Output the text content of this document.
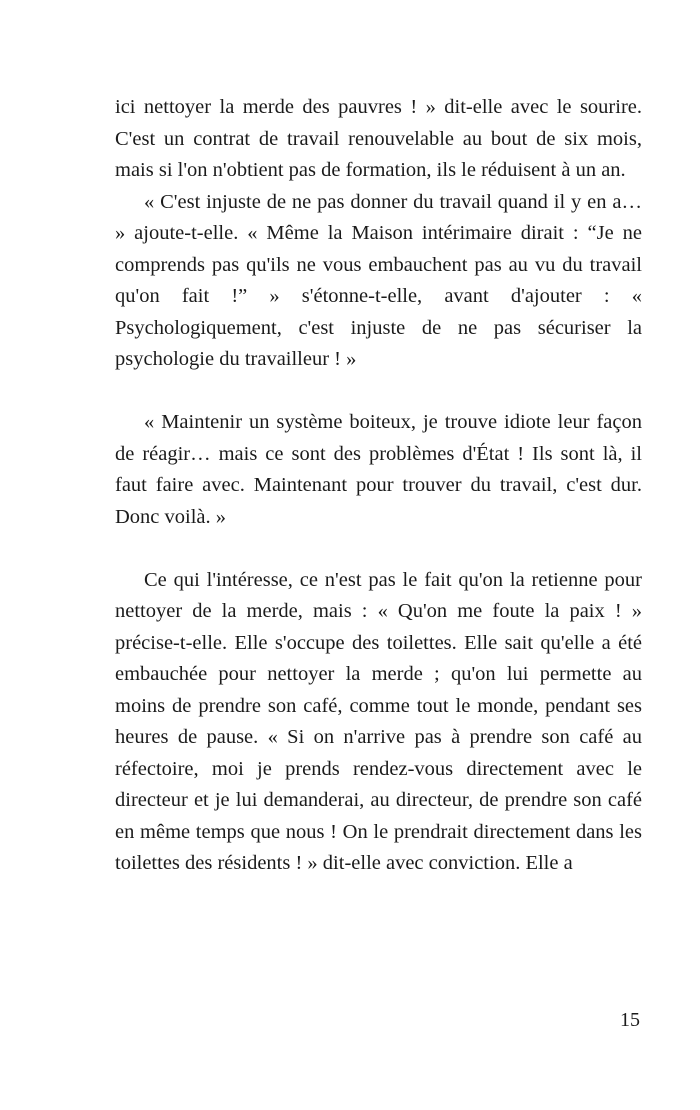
ici nettoyer la merde des pauvres ! » dit-elle avec le sourire. C'est un contrat de travail renouvelable au bout de six mois, mais si l'on n'obtient pas de formation, ils le réduisent à un an.

« C'est injuste de ne pas donner du travail quand il y en a… » ajoute-t-elle. « Même la Maison intérimaire dirait : “Je ne comprends pas qu'ils ne vous embauchent pas au vu du travail qu'on fait !” » s'étonne-t-elle, avant d'ajouter : « Psychologiquement, c'est injuste de ne pas sécuriser la psychologie du travailleur ! »

« Maintenir un système boiteux, je trouve idiote leur façon de réagir… mais ce sont des problèmes d'État ! Ils sont là, il faut faire avec. Maintenant pour trouver du travail, c'est dur. Donc voilà. »

Ce qui l'intéresse, ce n'est pas le fait qu'on la retienne pour nettoyer de la merde, mais : « Qu'on me foute la paix ! » précise-t-elle. Elle s'occupe des toilettes. Elle sait qu'elle a été embauchée pour nettoyer la merde ; qu'on lui permette au moins de prendre son café, comme tout le monde, pendant ses heures de pause. « Si on n'arrive pas à prendre son café au réfectoire, moi je prends rendez-vous directement avec le directeur et je lui demanderai, au directeur, de prendre son café en même temps que nous ! On le prendrait directement dans les toilettes des résidents ! » dit-elle avec conviction. Elle a

15
